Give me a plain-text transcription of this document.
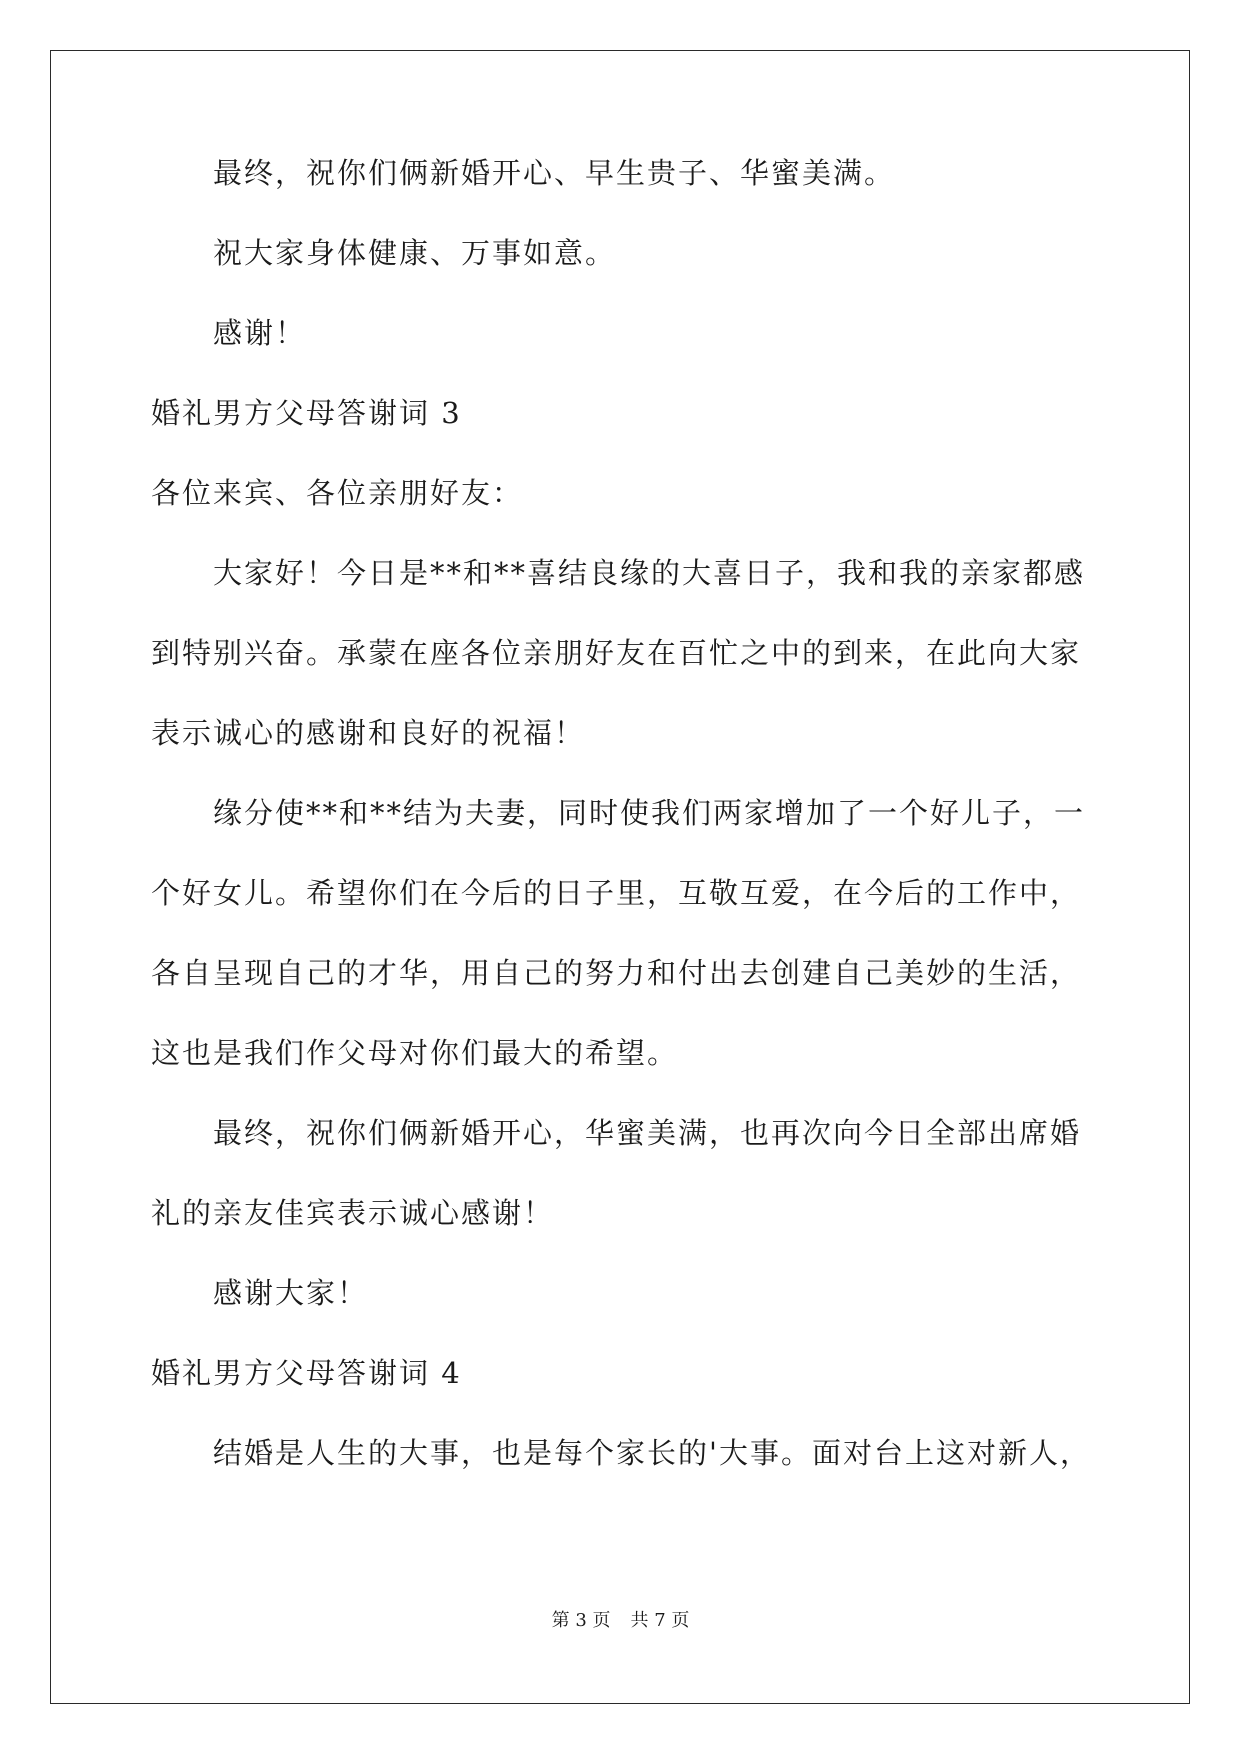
最终，祝你们俩新婚开心、早生贵子、华蜜美满。
祝大家身体健康、万事如意。
感谢！
婚礼男方父母答谢词 3
各位来宾、各位亲朋好友：
大家好！今日是**和**喜结良缘的大喜日子，我和我的亲家都感
到特别兴奋。承蒙在座各位亲朋好友在百忙之中的到来，在此向大家
表示诚心的感谢和良好的祝福！
缘分使**和**结为夫妻，同时使我们两家增加了一个好儿子，一
个好女儿。希望你们在今后的日子里，互敬互爱，在今后的工作中，
各自呈现自己的才华，用自己的努力和付出去创建自己美妙的生活，
这也是我们作父母对你们最大的希望。
最终，祝你们俩新婚开心，华蜜美满，也再次向今日全部出席婚
礼的亲友佳宾表示诚心感谢！
感谢大家！
婚礼男方父母答谢词 4
结婚是人生的大事，也是每个家长的'大事。面对台上这对新人，
第 3 页 共 7 页
